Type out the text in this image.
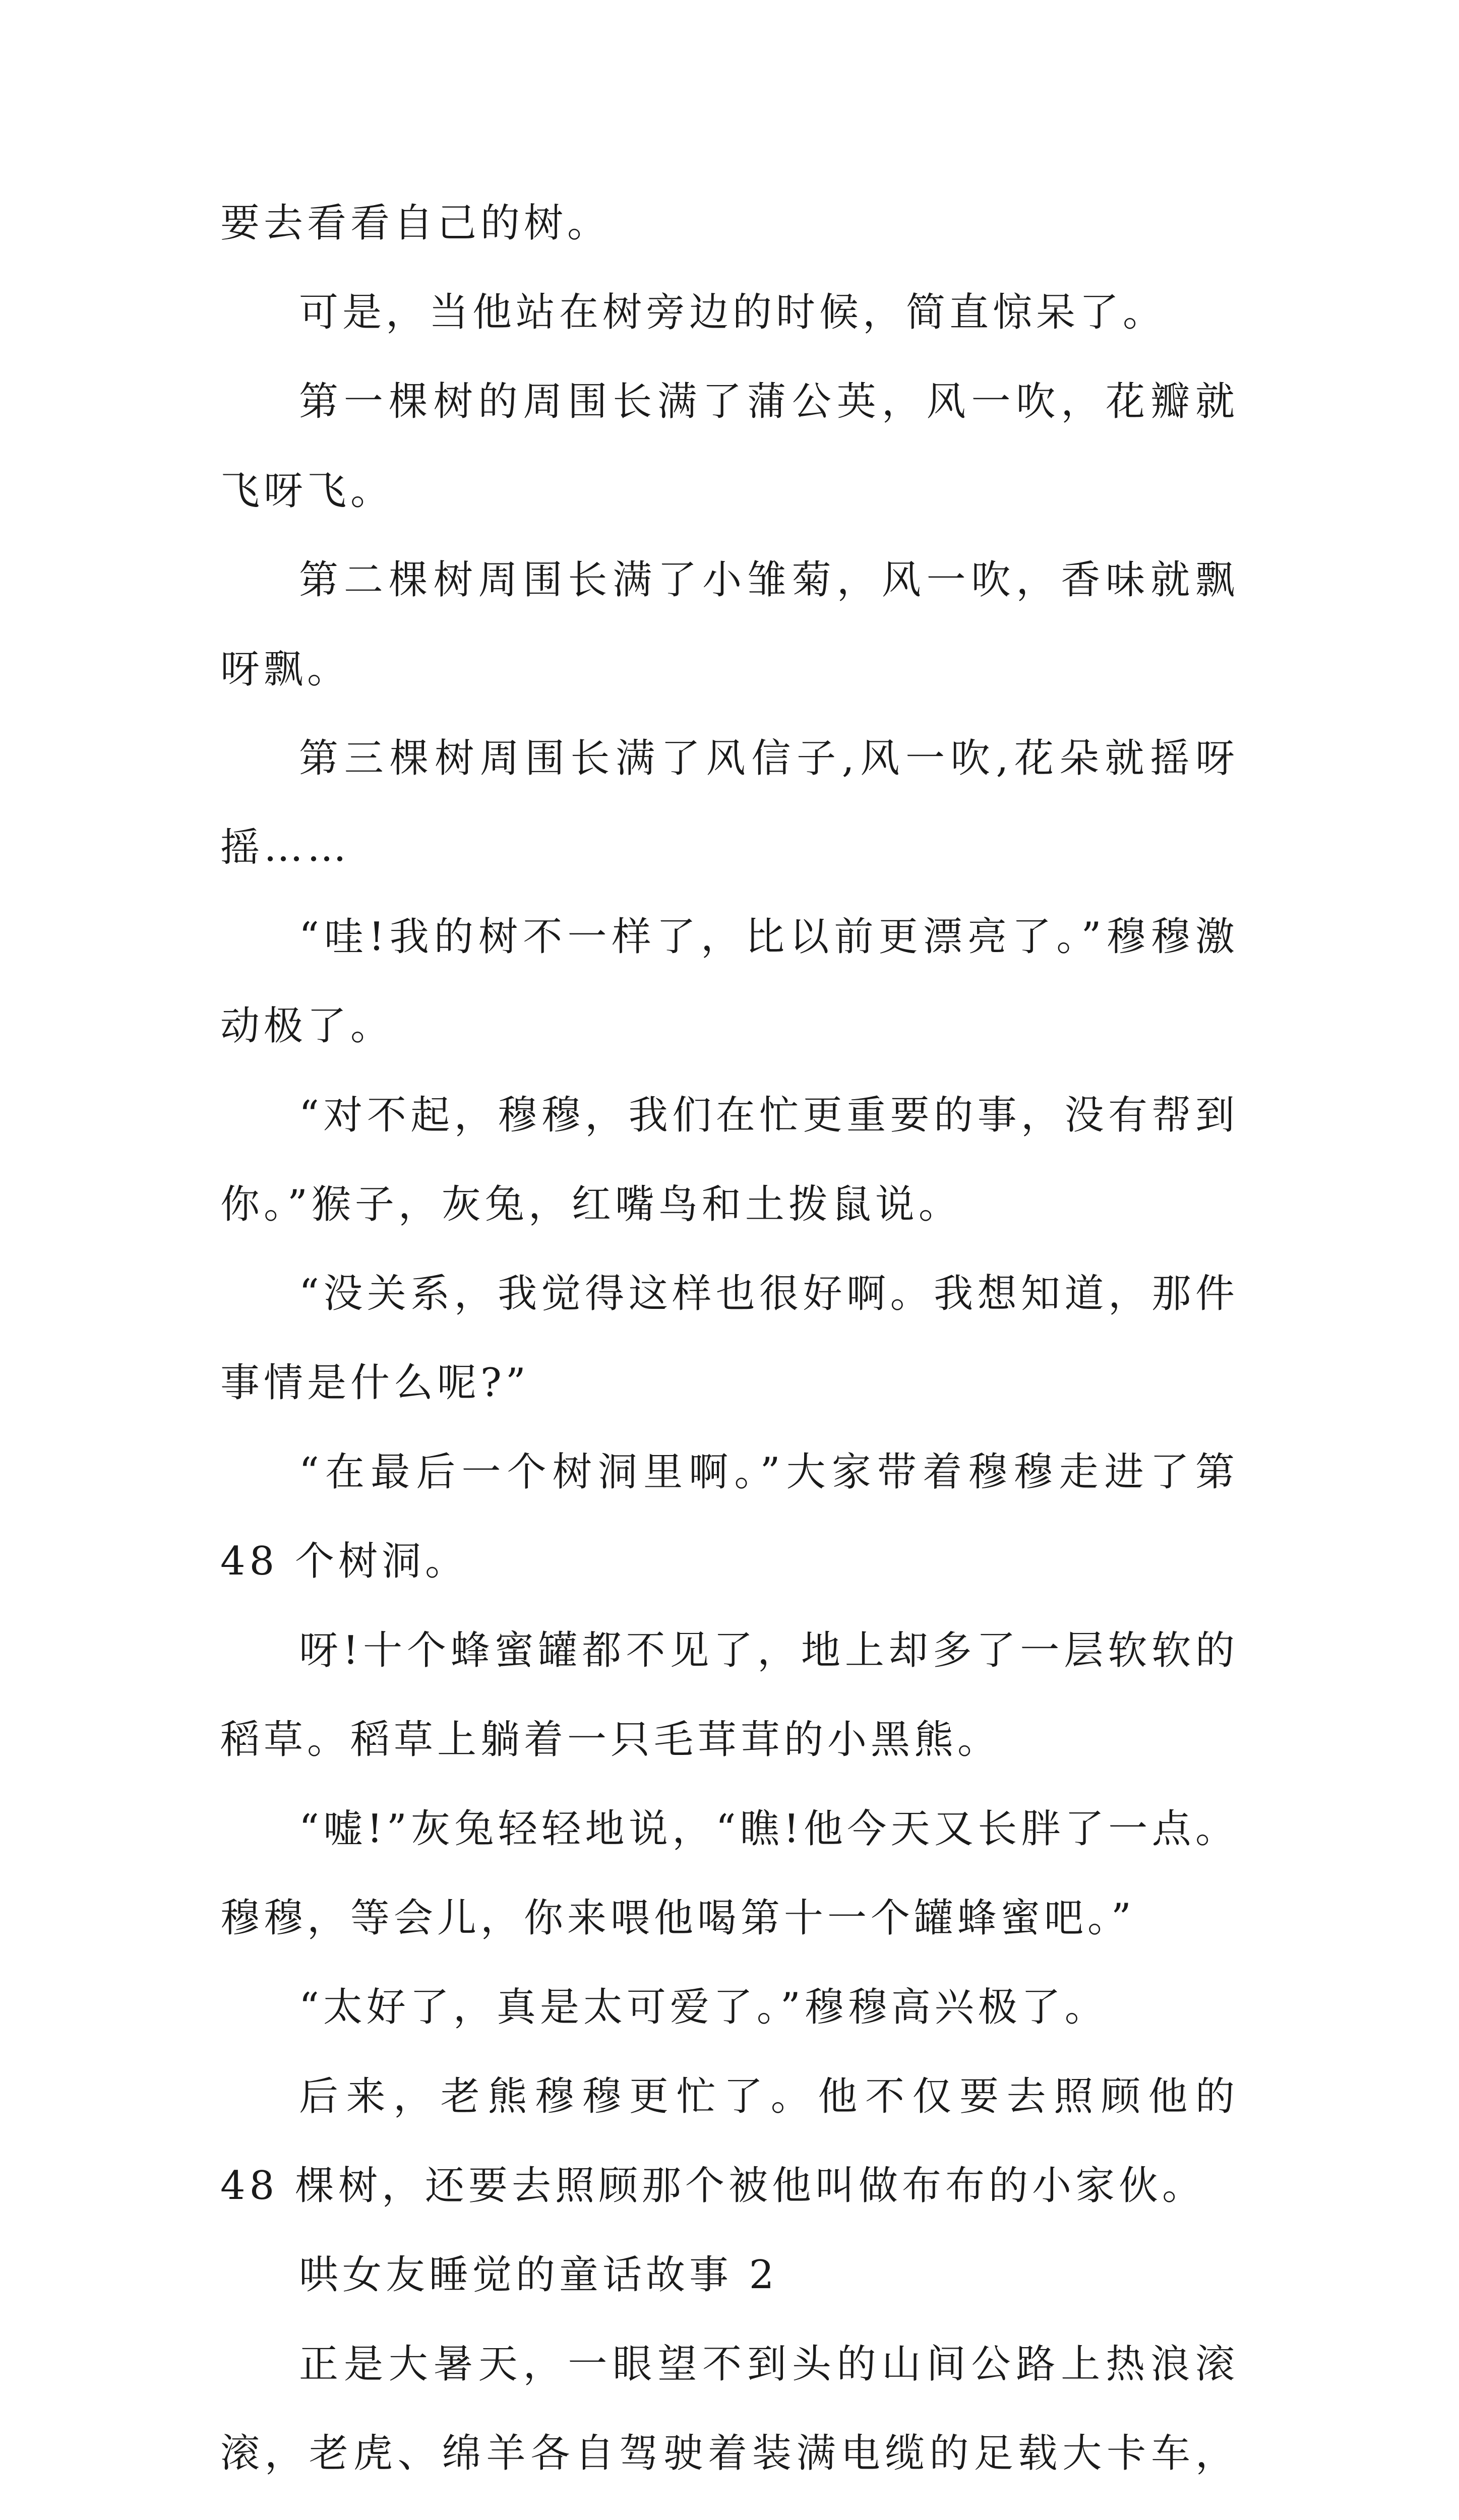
要去看看自己的树。

可是，当他站在树旁边的时候，简直惊呆了。

第一棵树的周围长满了蒲公英，风一吹，花瓣就飞呀飞。

第二棵树周围长满了小雏菊，风一吹，香味就飘呀飘。

第三棵树周围长满了风信子,风一吹,花朵就摇呀摇……

“哇!我的树不一样了，比以前更漂亮了。”穆穆激动极了。

“对不起，穆穆，我们在忙更重要的事，没有帮到你。”猴子，灰兔，红嘴鸟和土拨鼠说。

“没关系，我觉得这样也很好啊。我想知道，那件事情是什么呢?”

“在最后一个树洞里啊。”大家带着穆穆走进了第 48 个树洞。

呀!十个蜂蜜罐都不见了，地上却多了一层软软的稻草。稻草上躺着一只毛茸茸的小黑熊。

“嘘!”灰兔轻轻地说，“瞧!他今天又长胖了一点。穆穆，等会儿，你来喂他喝第十一个罐蜂蜜吧。”

“太好了，真是太可爱了。”穆穆高兴极了。

后来，老熊穆穆更忙了。他不仅要去照顾他的 48 棵树，还要去照顾那个被他叫做布布的小家伙。

哄女友睡觉的童话故事 2

正是大暑天，一眼望不到头的山间公路上热浪滚滚，老虎、绵羊各自驾驶着装满电缆的足载大卡车，
